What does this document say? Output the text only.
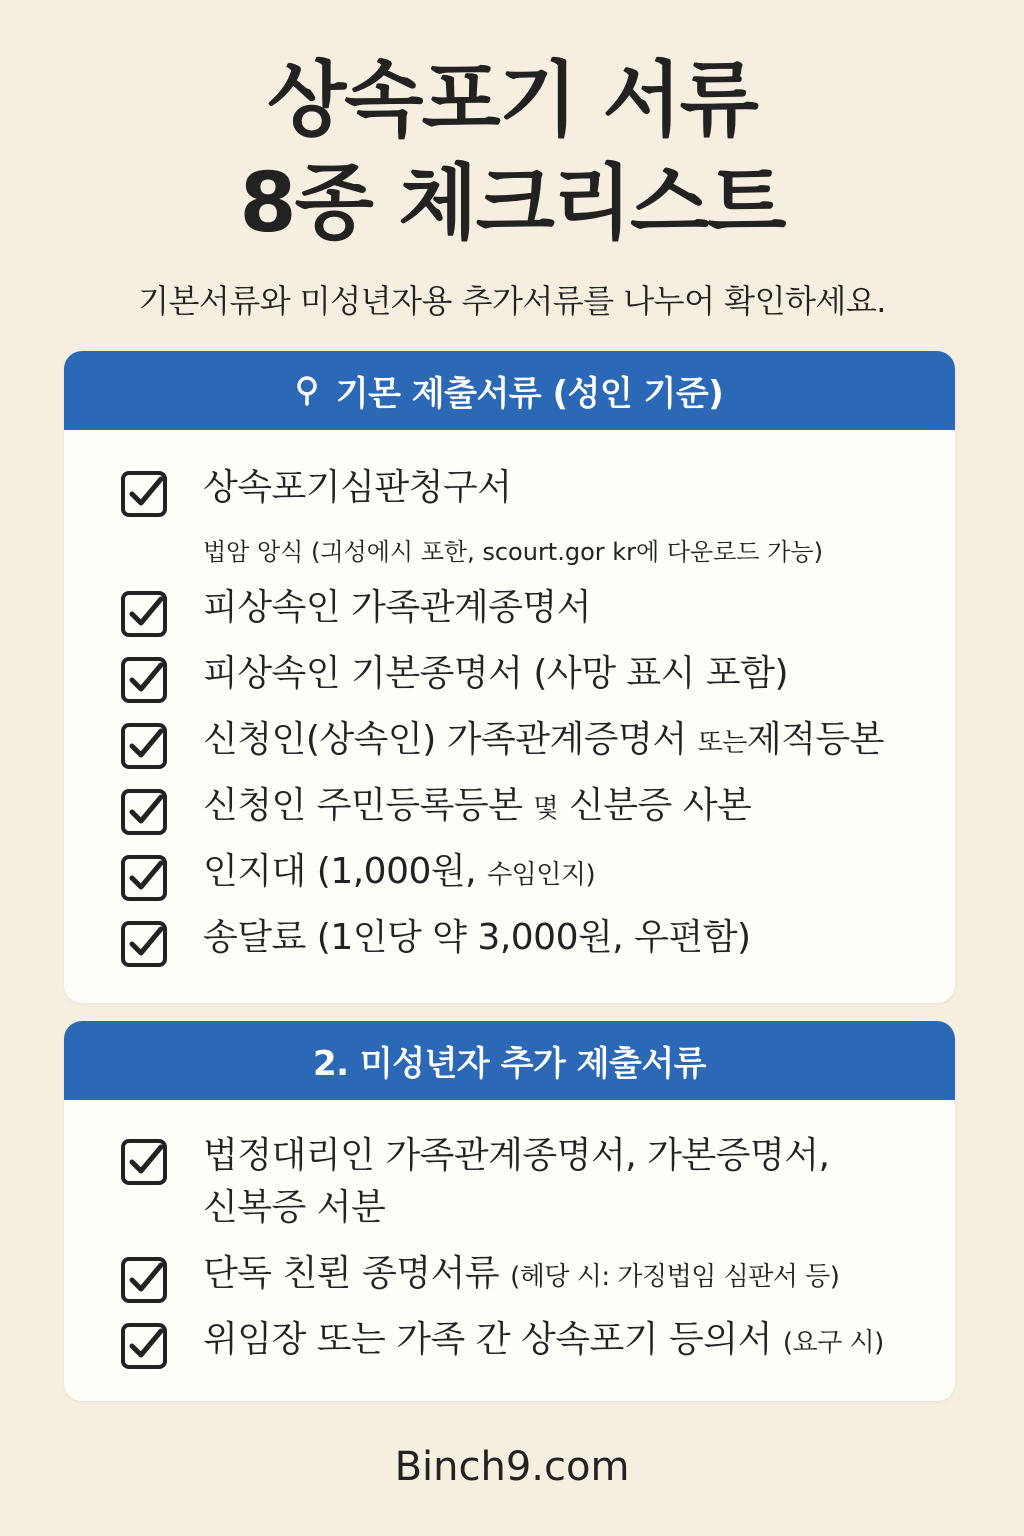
상속포기 서류
8종 체크리스트
기본서류와 미성년자용 추가서류를 나누어 확인하세요.
기몬 제출서류 (성인 기준)
상속포기심판청구서
법암 앙식 (긔성에시 포한, scourt.gor kr에 다운로드 가능)
피상속인 가족관계종명서
피상속인 기본종명서 (사망 표시 포함)
신청인(상속인) 가족관계증명서 또는제적등본
신청인 주민등록등본 몇 신분증 사본
인지대 (1,000원, 수임인지)
송달료 (1인당 약 3,000원, 우편함)
2. 미성년자 추가 제출서류
법정대리인 가족관계종명서, 가본증명서,
신복증 서분
단독 친뢴 종명서류 (헤당 시: 가징법임 심판서 등)
위임장 또는 가족 간 상속포기 등의서 (요구 시)
Binch9.com
